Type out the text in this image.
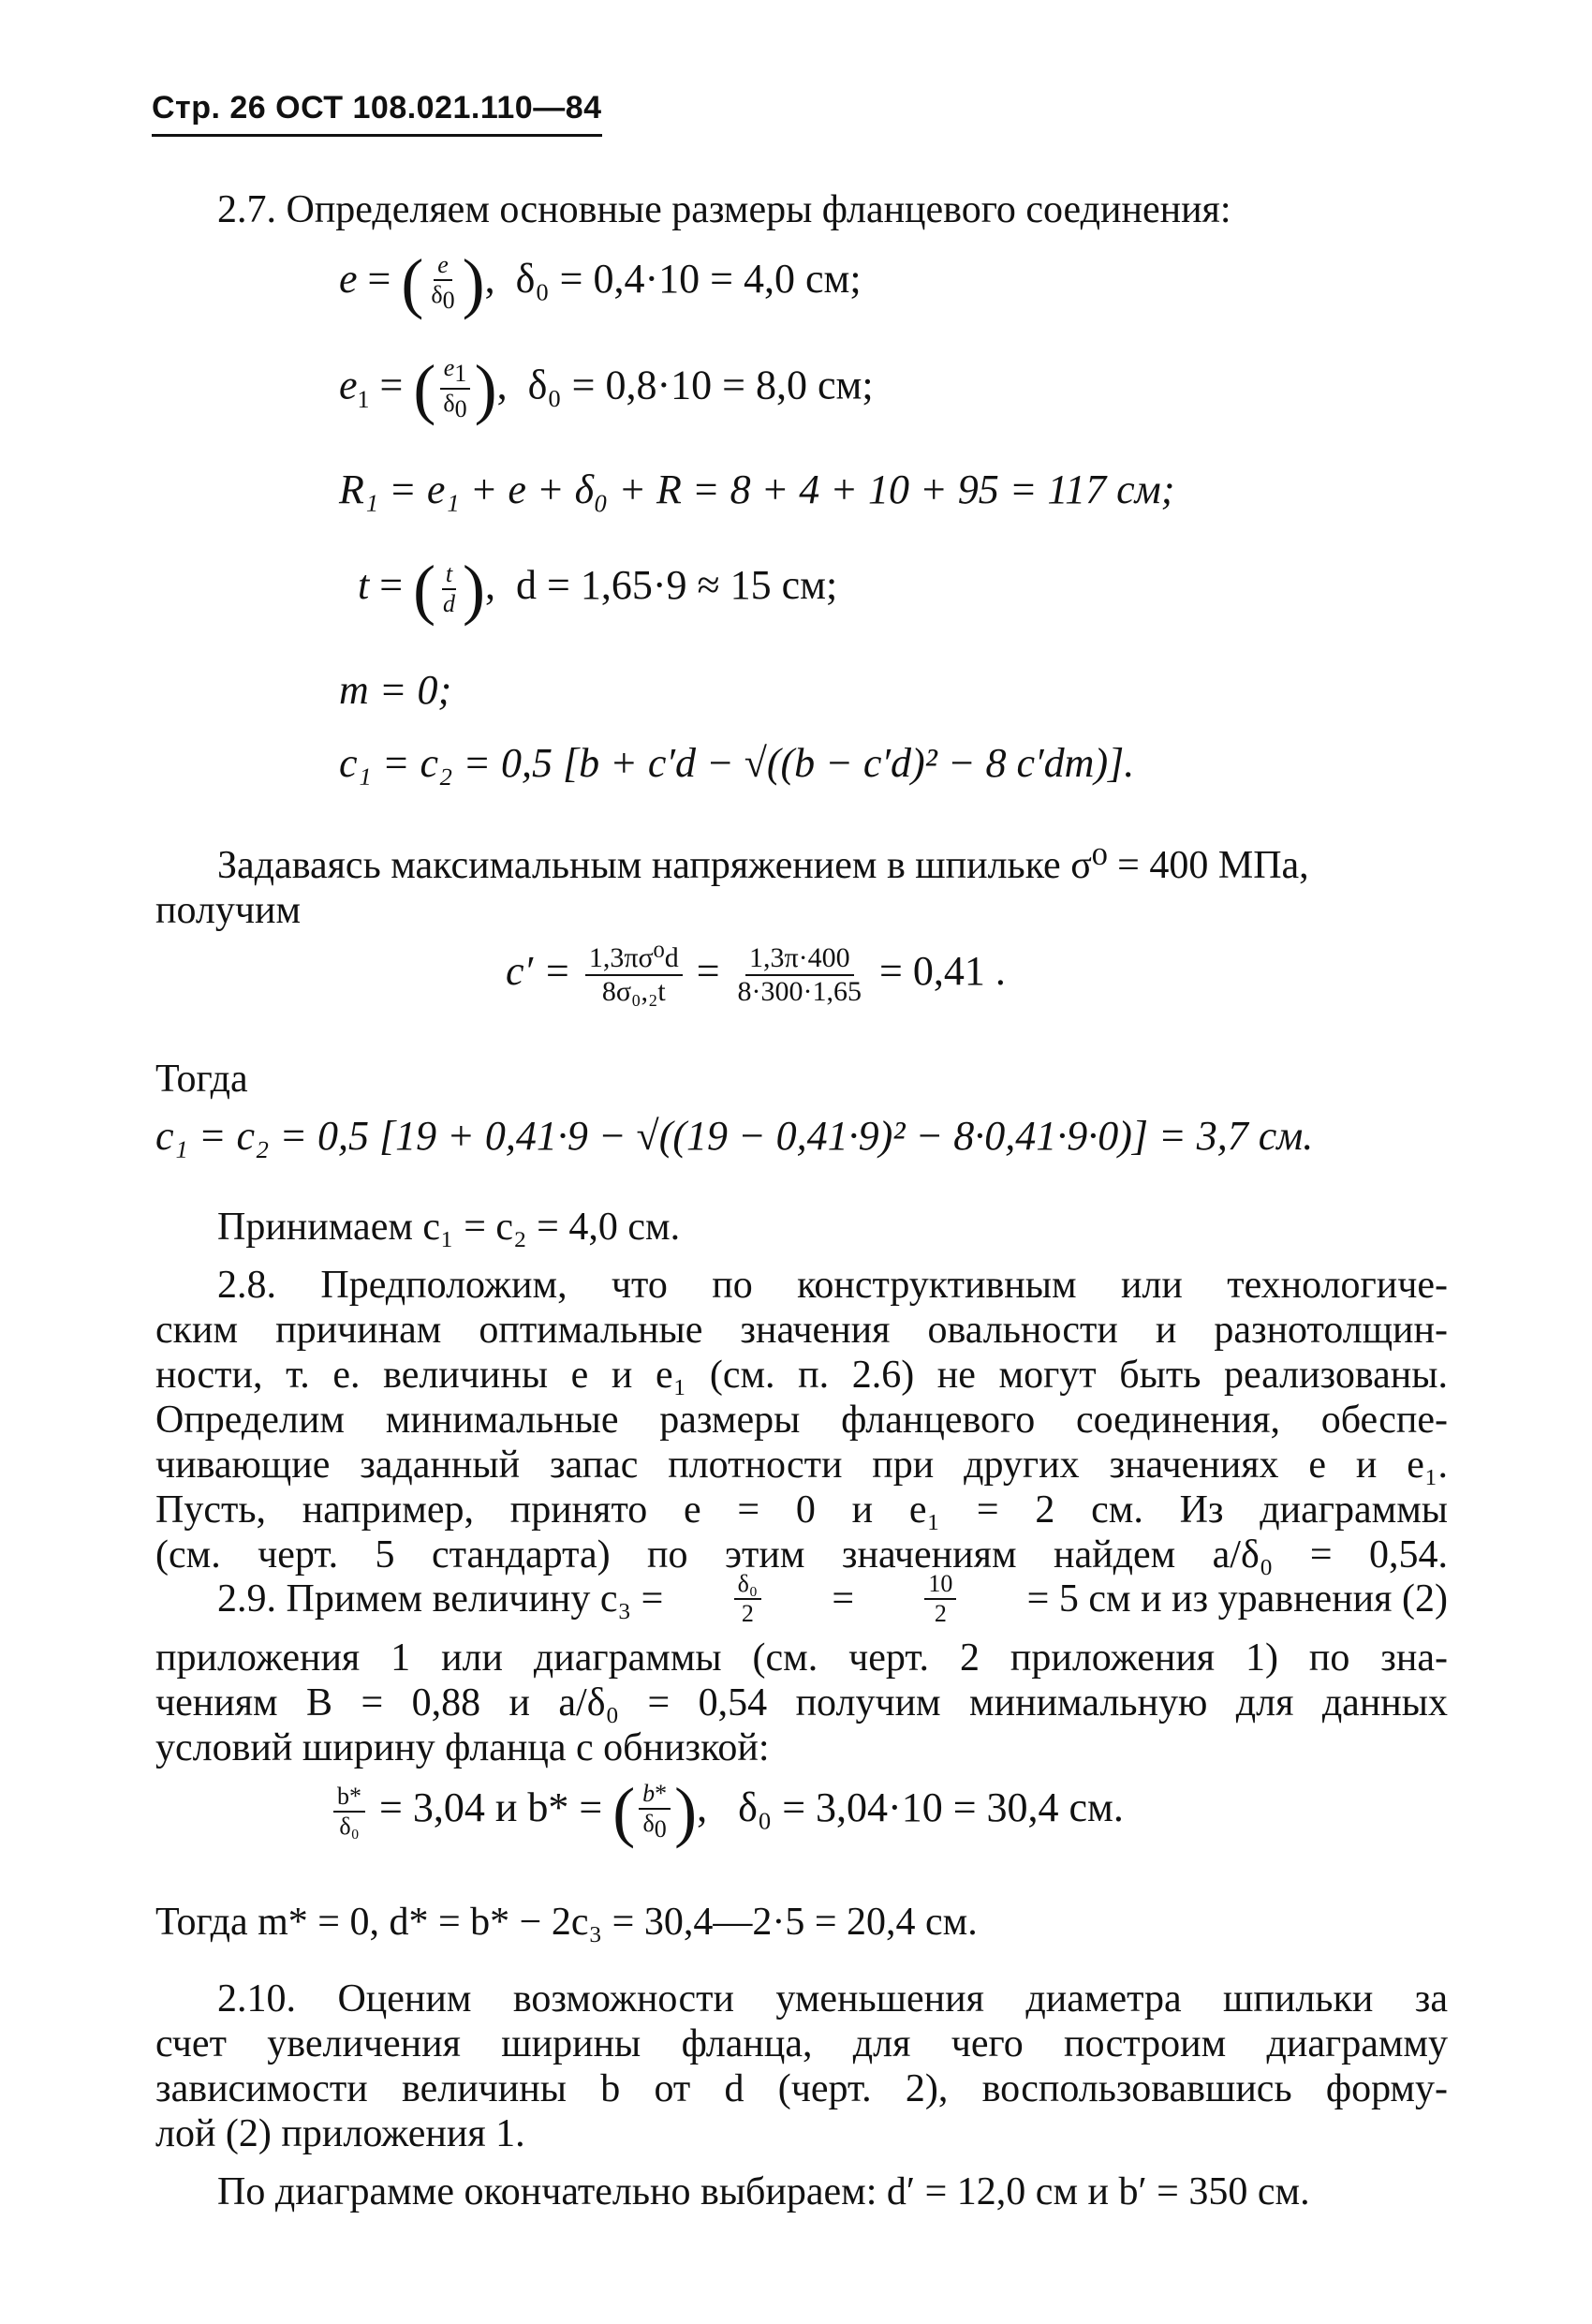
Стр. 26 ОСТ 108.021.110—84
2.7. Определяем основные размеры фланцевого соединения:
e = ( $\frac{e}{\delta_0}$ ),  δ₀ = 0,4·10 = 4,0 см;
$e_1$ = ( $\frac{e_1}{\delta_0}$ ),  δ₀ = 0,8·10 = 8,0 см;
R₁ = e₁ + e + δ₀ + R = 8 + 4 + 10 + 95 = 117 см;
t = ( $\frac{t}{d}$ ),  d = 1,65·9 ≈ 15 см;
m = 0;
c₁ = c₂ = 0,5 [b + c′d − √((b − c′d)² − 8 c′dm)].
Задаваясь максимальным напряжением в шпильке σ⁰ = 400 МПа,
получим
$c' = \frac{\text{1,3πσ⁰d}}{\text{8σ₀,₂t}} = \frac{1,3\pi\cdot 400}{8\cdot 300\cdot 1,65} = 0,41$ .
Тогда
c₁ = c₂ = 0,5 [19 + 0,41·9 − √((19 − 0,41·9)² − 8·0,41·9·0)] = 3,7 см.
Принимаем c₁ = c₂ = 4,0 см.
2.8. Предположим, что по конструктивным или технологиче-
ским причинам оптимальные значения овальности и разнотолщин-
ности, т. е. величины e и e₁ (см. п. 2.6) не могут быть реализованы.
Определим минимальные размеры фланцевого соединения, обеспе-
чивающие заданный запас плотности при других значениях e и e₁.
Пусть, например, принято e = 0 и e₁ = 2 см. Из диаграммы
(см. черт. 5 стандарта) по этим значениям найдем a/δ₀ = 0,54.
2.9. Примем величину c₃ =	$\frac{\text{δ₀}}{2}$ =	$\frac{10}{2} = 5$ см и из уравнения (2)
приложения 1 или диаграммы (см. черт. 2 приложения 1) по зна-
чениям B = 0,88 и a/δ₀ = 0,54 получим минимальную для данных
условий ширину фланца с обнизкой:
$\frac{b*}{\text{δ₀}} = 3,04$ и b* = ( $\frac{b*}{\delta_0}$ ),   δ₀ = 3,04·10 = 30,4 см.
Тогда m* = 0, d* = b* − 2c₃ = 30,4—2·5 = 20,4 см.
2.10. Оценим возможности уменьшения диаметра шпильки за
счет увеличения ширины фланца, для чего построим диаграмму
зависимости величины b от d (черт. 2), воспользовавшись форму-
лой (2) приложения 1.
По диаграмме окончательно выбираем: d′ = 12,0 см и b′ = 350 см.
